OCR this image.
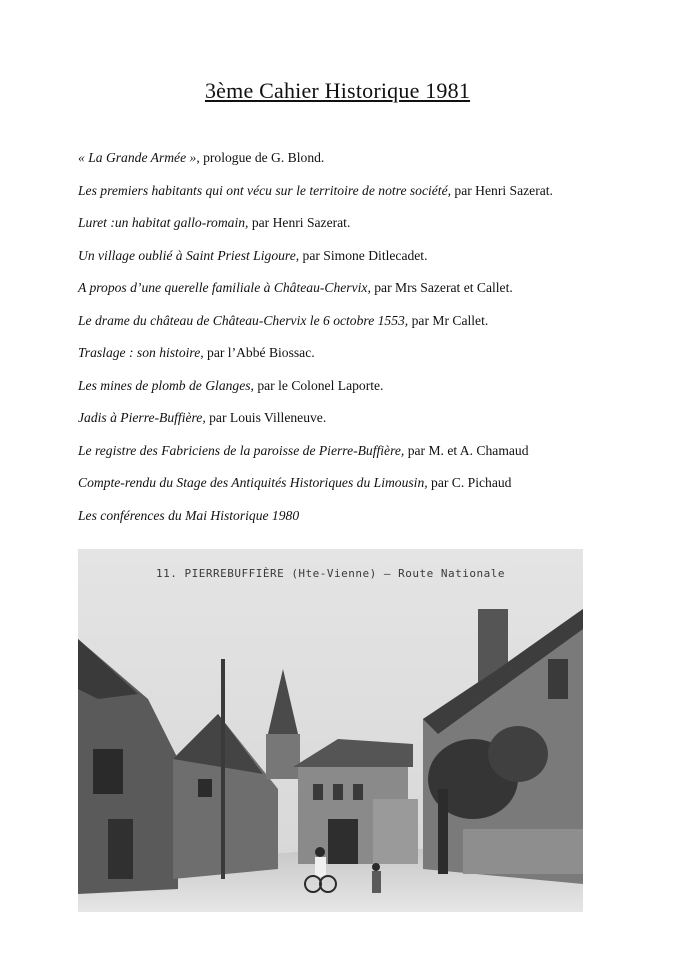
3ème Cahier Historique 1981
« La Grande Armée », prologue de G. Blond.
Les premiers habitants qui ont vécu sur le territoire de notre société, par Henri Sazerat.
Luret :un habitat gallo-romain, par Henri Sazerat.
Un village oublié à Saint Priest Ligoure, par Simone Ditlecadet.
A propos d’une querelle familiale à Château-Chervix, par Mrs Sazerat et Callet.
Le drame du château de Château-Chervix le 6 octobre 1553, par Mr Callet.
Traslage : son histoire, par l’Abbé Biossac.
Les mines de plomb de Glanges, par le Colonel Laporte.
Jadis à Pierre-Buffière, par Louis Villeneuve.
Le registre des Fabriciens de la paroisse de Pierre-Buffière, par M. et A. Chamaud
Compte-rendu du Stage des Antiquités Historiques du Limousin, par C. Pichaud
Les conférences du Mai Historique 1980
11. PIERREBUFFIÈRE (Hte-Vienne) – Route Nationale
